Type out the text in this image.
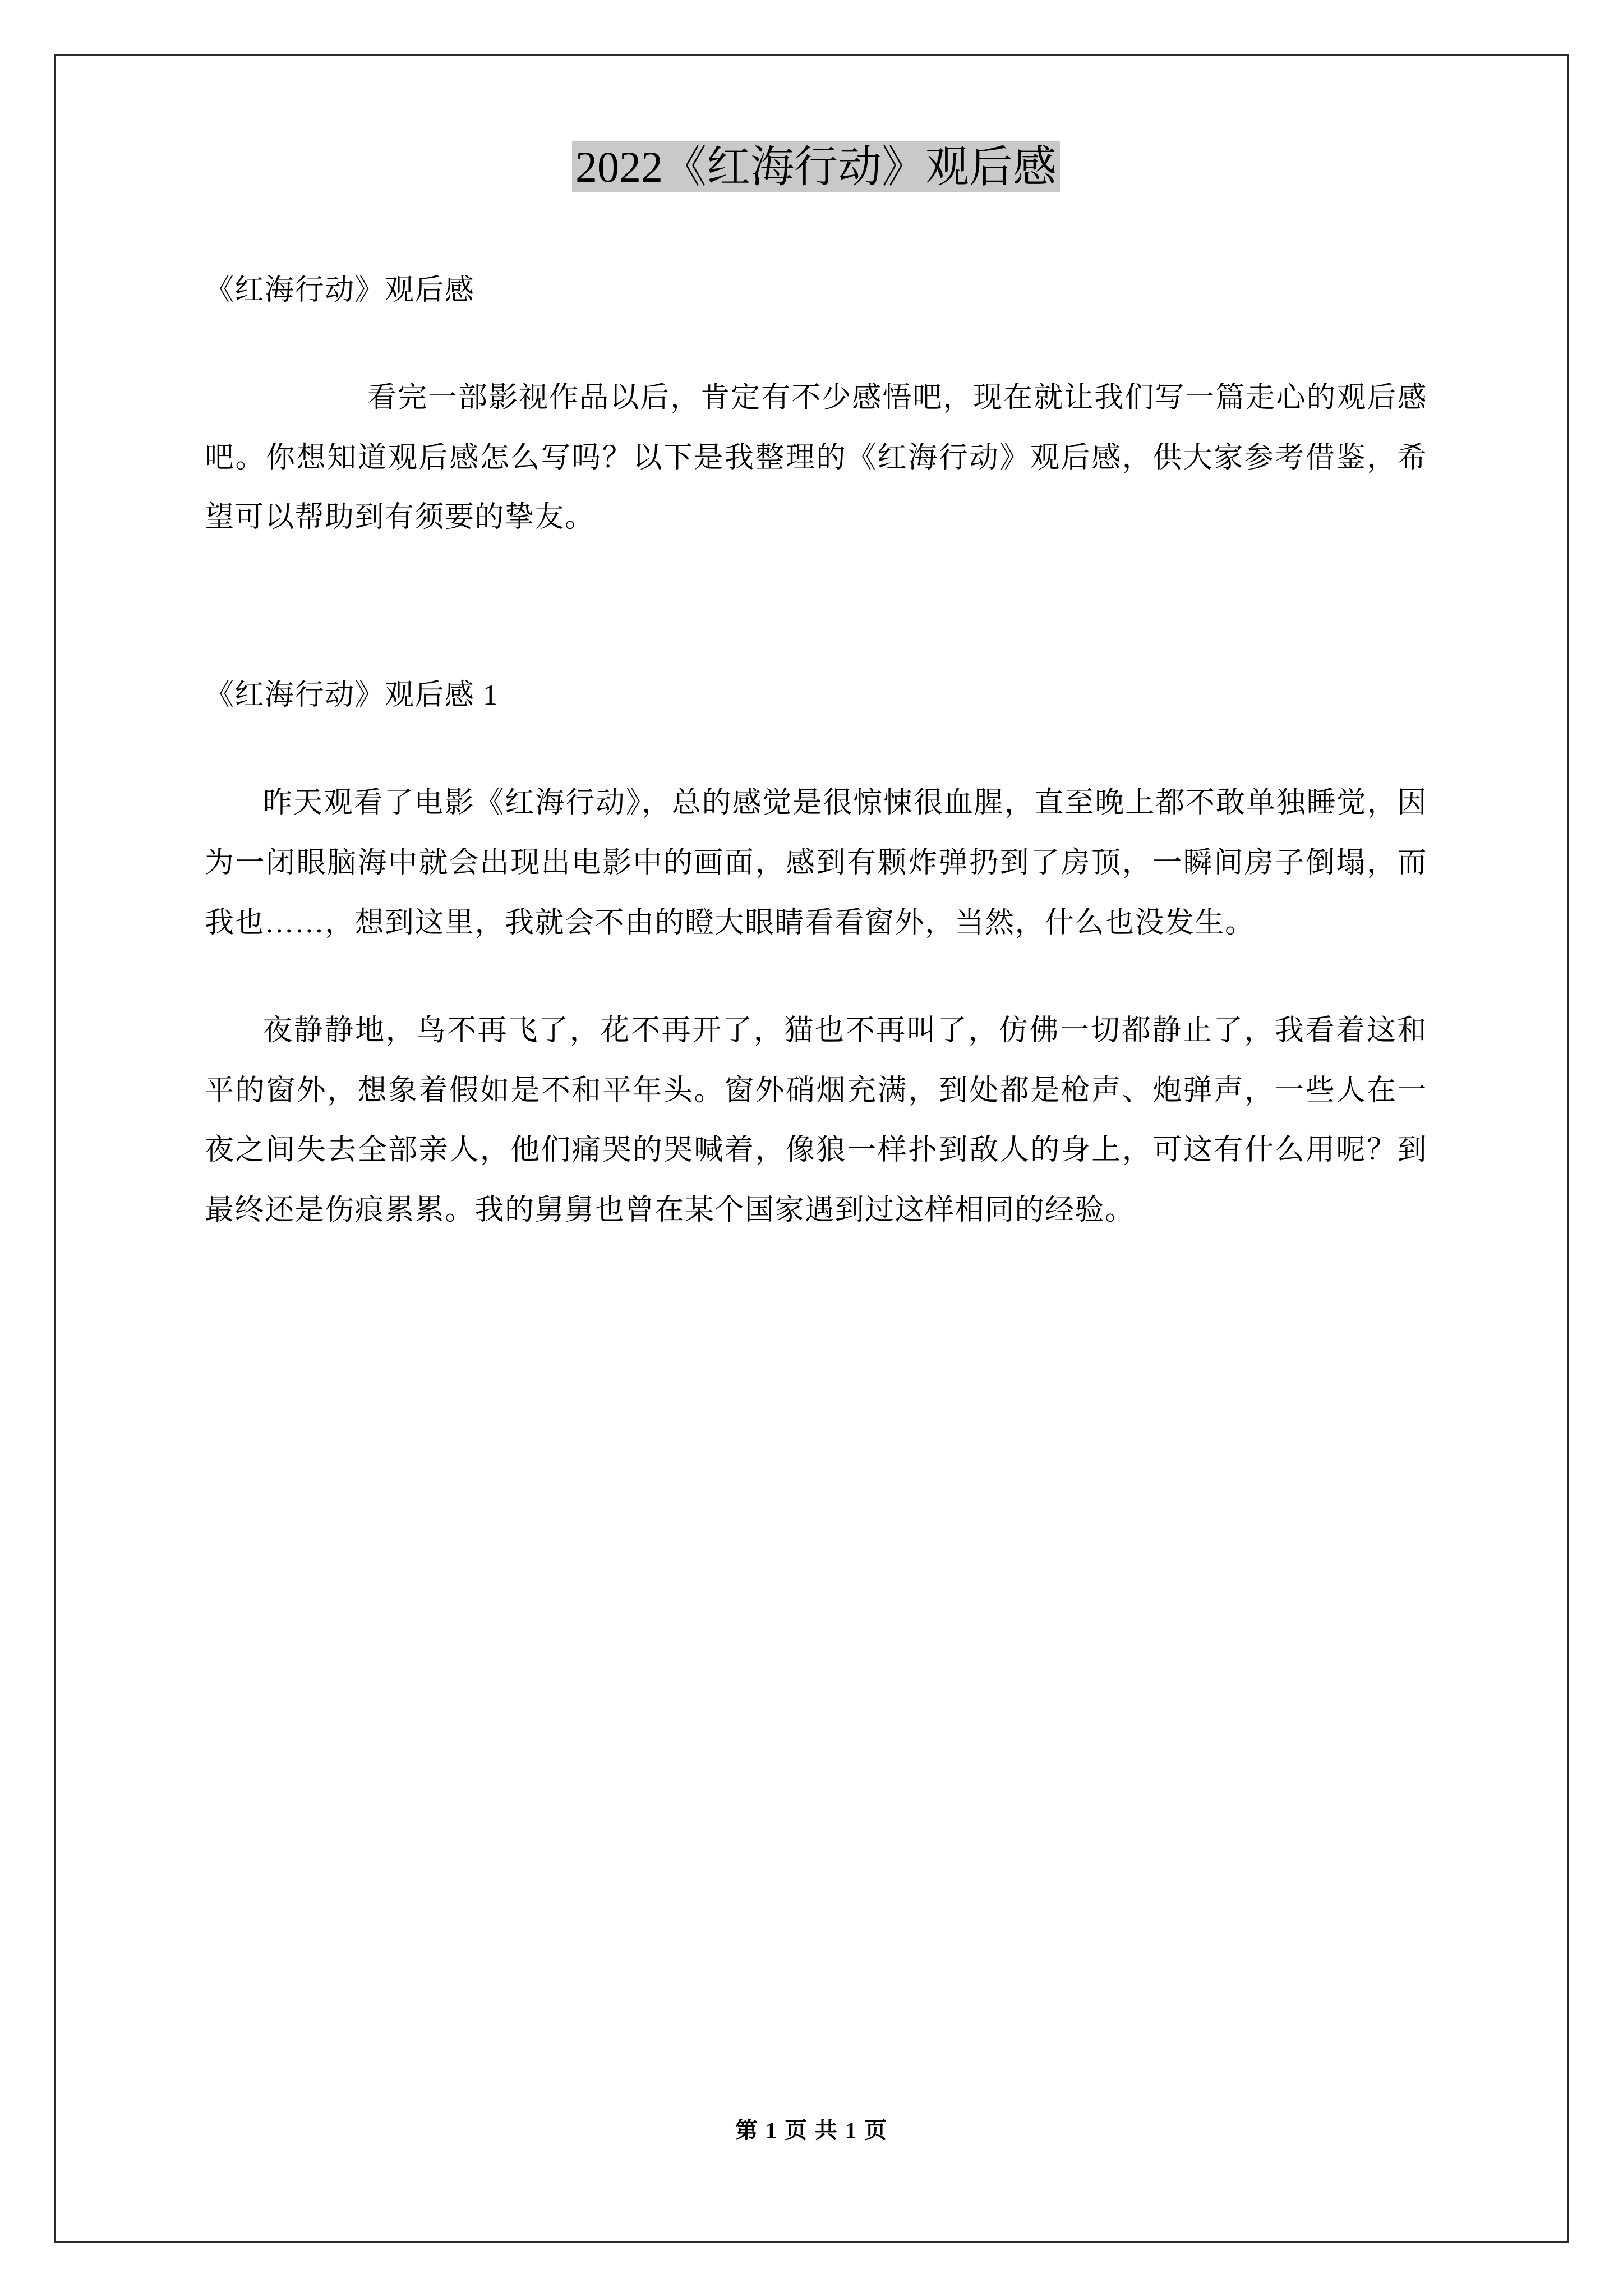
2022《红海行动》观后感

《红海行动》观后感

看完一部影视作品以后，肯定有不少感悟吧，现在就让我们写一篇走心的观后感吧。你想知道观后感怎么写吗？以下是我整理的《红海行动》观后感，供大家参考借鉴，希望可以帮助到有须要的挚友。

《红海行动》观后感 1

昨天观看了电影《红海行动》，总的感觉是很惊悚很血腥，直至晚上都不敢单独睡觉，因为一闭眼脑海中就会出现出电影中的画面，感到有颗炸弹扔到了房顶，一瞬间房子倒塌，而我也……，想到这里，我就会不由的瞪大眼睛看看窗外，当然，什么也没发生。

夜静静地，鸟不再飞了，花不再开了，猫也不再叫了，仿佛一切都静止了，我看着这和平的窗外，想象着假如是不和平年头。窗外硝烟充满，到处都是枪声、炮弹声，一些人在一夜之间失去全部亲人，他们痛哭的哭喊着，像狼一样扑到敌人的身上，可这有什么用呢？到最终还是伤痕累累。我的舅舅也曾在某个国家遇到过这样相同的经验。

第 1 页 共 1 页
